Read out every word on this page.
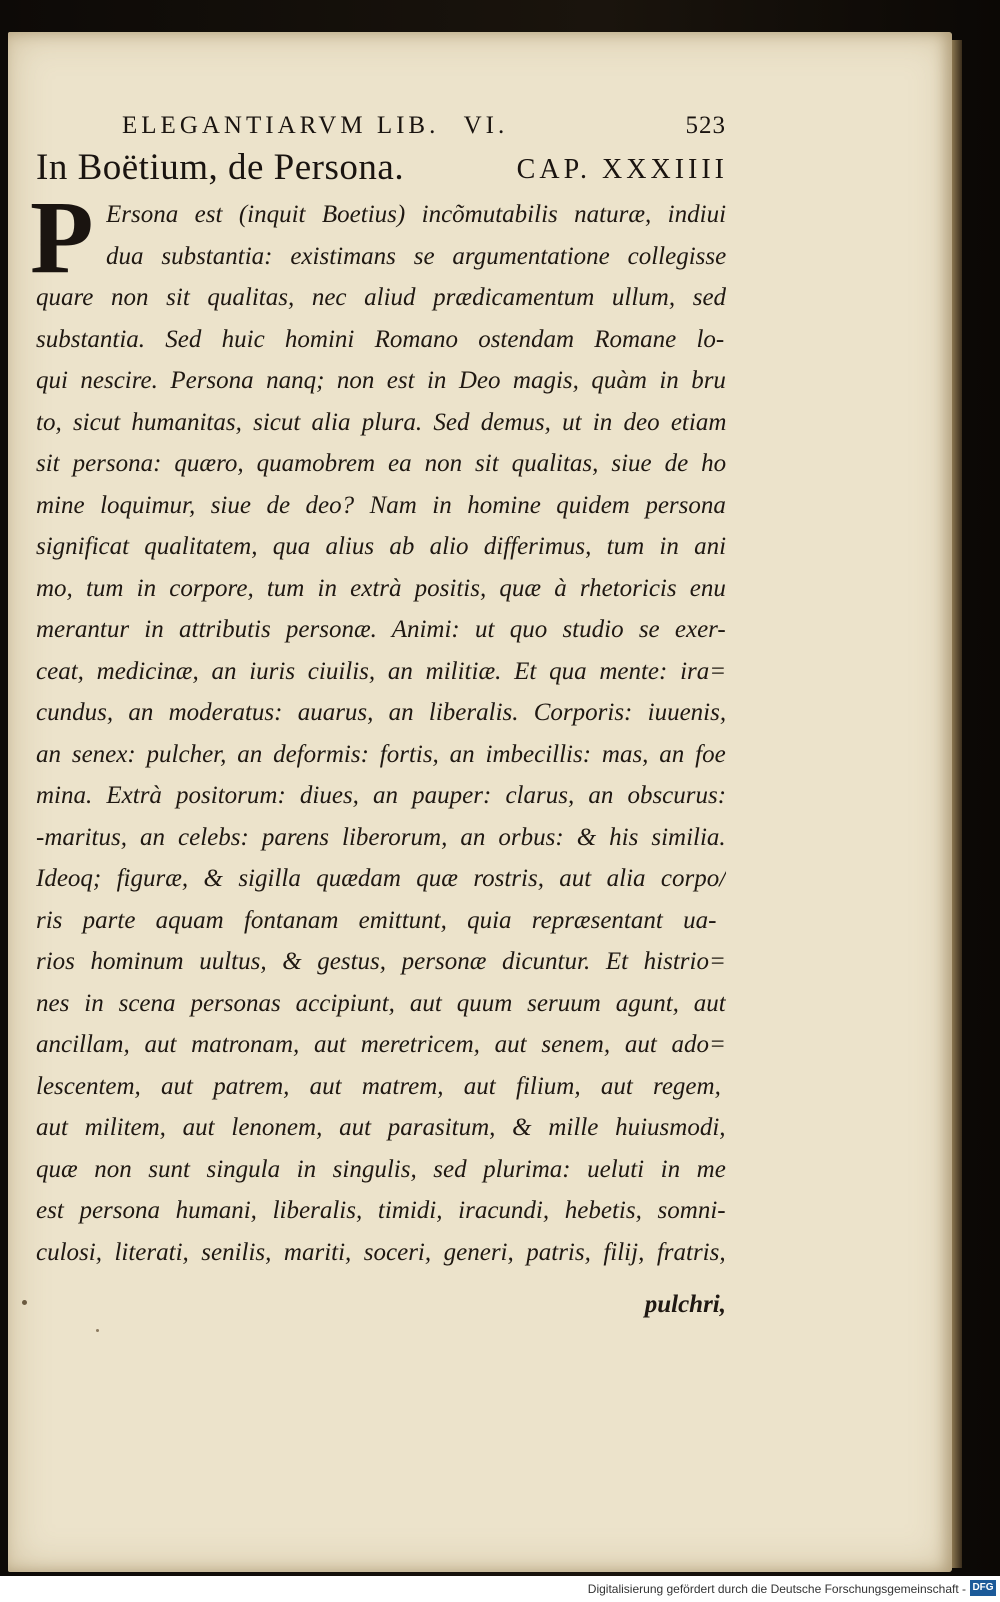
ELEGANTIARVM LIB. VI.	523
In Boëtium, de Persona.	CAP. XXXIIII
P Ersona est (inquit Boetius) incõmutabilis naturæ, indiui
dua substantia: existimans se argumentatione collegisse
quare non sit qualitas, nec aliud prædicamentum ullum, sed
substantia. Sed huic homini Romano ostendam Romane lo-
qui nescire. Persona nanq; non est in Deo magis, quàm in bru
to, sicut humanitas, sicut alia plura. Sed demus, ut in deo etiam
sit persona: quæro, quamobrem ea non sit qualitas, siue de ho
mine loquimur, siue de deo? Nam in homine quidem persona
significat qualitatem, qua alius ab alio differimus, tum in ani
mo, tum in corpore, tum in extrà positis, quæ à rhetoricis enu
merantur in attributis personæ. Animi: ut quo studio se exer-
ceat, medicinæ, an iuris ciuilis, an militiæ. Et qua mente: ira=
cundus, an moderatus: auarus, an liberalis. Corporis: iuuenis,
an senex: pulcher, an deformis: fortis, an imbecillis: mas, an foe
mina. Extrà positorum: diues, an pauper: clarus, an obscurus:
-maritus, an celebs: parens liberorum, an orbus: & his similia.
Ideoq; figuræ, & sigilla quædam quæ rostris, aut alia corpo/
ris parte aquam fontanam emittunt, quia repræsentant ua-
rios hominum uultus, & gestus, personæ dicuntur. Et histrio=
nes in scena personas accipiunt, aut quum seruum agunt, aut
ancillam, aut matronam, aut meretricem, aut senem, aut ado=
lescentem, aut patrem, aut matrem, aut filium, aut regem,
aut militem, aut lenonem, aut parasitum, & mille huiusmodi,
quæ non sunt singula in singulis, sed plurima: ueluti in me
est persona humani, liberalis, timidi, iracundi, hebetis, somni-
culosi, literati, senilis, mariti, soceri, generi, patris, filij, fratris,
pulchri,
Digitalisierung gefördert durch die Deutsche Forschungsgemeinschaft - DFG
